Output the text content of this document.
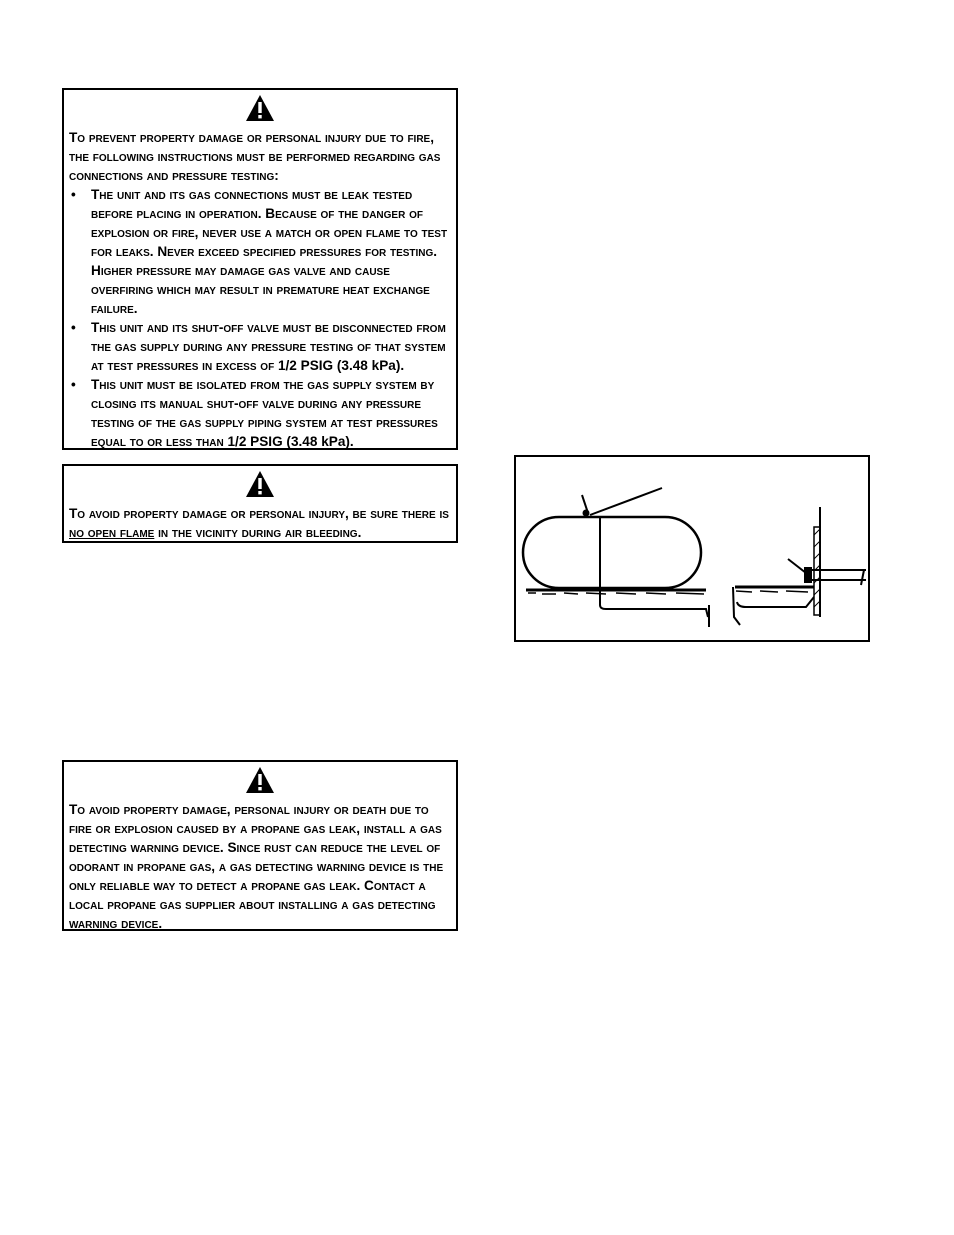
To prevent property damage or personal injury due to fire, the following instructions must be performed regarding gas connections and pressure testing:

• The unit and its gas connections must be leak tested before placing in operation. Because of the danger of explosion or fire, never use a match or open flame to test for leaks. Never exceed specified pressures for testing. Higher pressure may damage gas valve and cause overfiring which may result in premature heat exchange failure.
• This unit and its shut-off valve must be disconnected from the gas supply during any pressure testing of that system at test pressures in excess of 1/2 PSIG (3.48 kPa).
• This unit must be isolated from the gas supply system by closing its manual shut-off valve during any pressure testing of the gas supply piping system at test pressures equal to or less than 1/2 PSIG (3.48 kPa).

To avoid property damage or personal injury, be sure there is no open flame in the vicinity during air bleeding.

To avoid property damage, personal injury or death due to fire or explosion caused by a propane gas leak, install a gas detecting warning device. Since rust can reduce the level of odorant in propane gas, a gas detecting warning device is the only reliable way to detect a propane gas leak. Contact a local propane gas supplier about installing a gas detecting warning device.
